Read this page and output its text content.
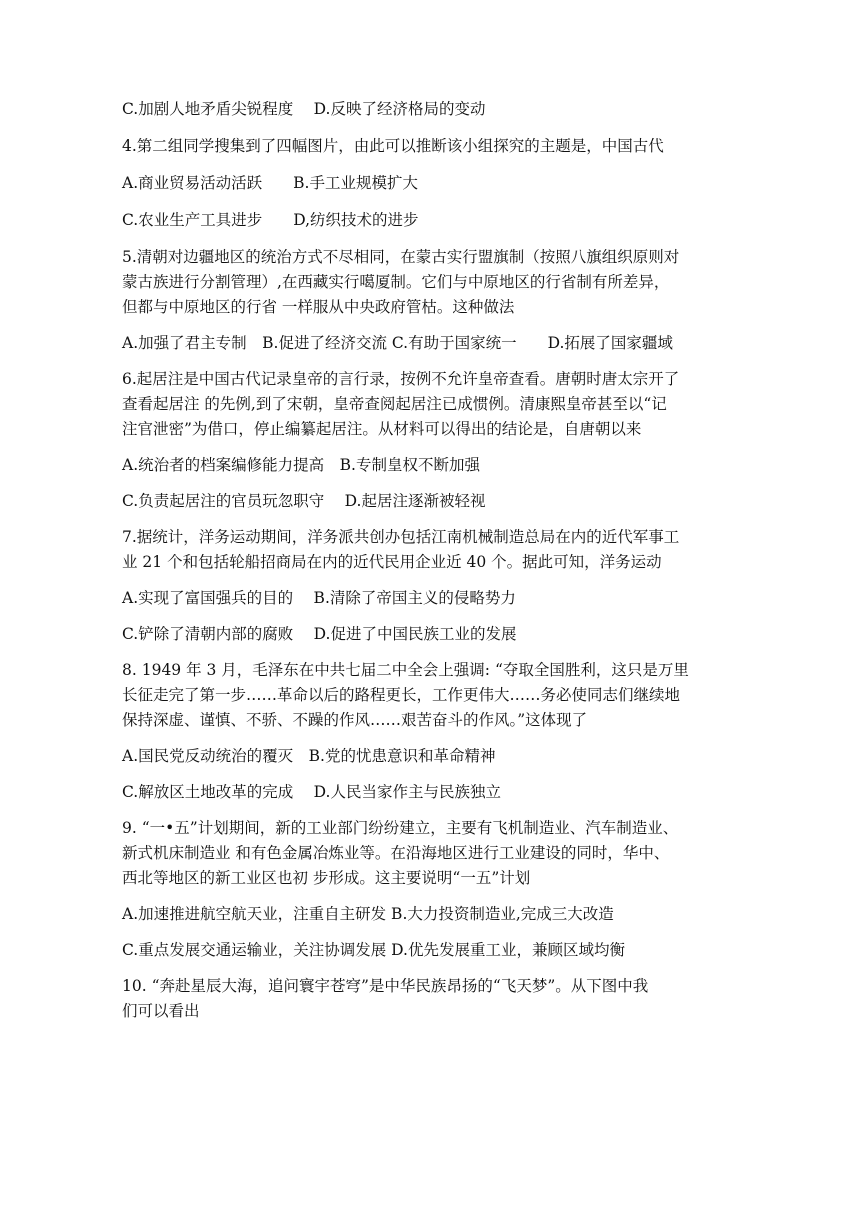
C.加剧人地矛盾尖锐程度　 D.反映了经济格局的变动

4.第二组同学搜集到了四幅图片，由此可以推断该小组探究的主题是，中国古代

A.商业贸易活动活跃　　B.手工业规模扩大

C.农业生产工具进步　　D,纺织技术的进步

5.清朝对边疆地区的统治方式不尽相同，在蒙古实行盟旗制（按照八旗组织原则对

蒙古族进行分割管理）,在西藏实行噶厦制。它们与中原地区的行省制有所差异，

但都与中原地区的行省 一样服从中央政府管枯。这种做法

A.加强了君主专制　B.促进了经济交流 C.有助于国家统一　　D.拓展了国家疆域

6.起居注是中国古代记录皇帝的言行录，按例不允许皇帝查看。唐朝时唐太宗开了

查看起居注 的先例,到了宋朝，皇帝查阅起居注已成惯例。清康熙皇帝甚至以“记

注官泄密”为借口，停止编纂起居注。从材料可以得出的结论是，自唐朝以来

A.统治者的档案编修能力提高　B.专制皇权不断加强

C.负责起居注的官员玩忽职守　 D.起居注逐渐被轻视

7.据统计，洋务运动期间，洋务派共创办包括江南机械制造总局在内的近代军事工

业 21 个和包括轮船招商局在内的近代民用企业近 40 个。据此可知，洋务运动

A.实现了富国强兵的目的　 B.清除了帝国主义的侵略势力

C.铲除了清朝内部的腐败　 D.促进了中国民族工业的发展

8. 1949 年 3 月，毛泽东在中共七届二中全会上强调: “夺取全国胜利，这只是万里

长征走完了第一步……革命以后的路程更长，工作更伟大……务必使同志们继续地

保持深虚、谨慎、不骄、不躁的作风……艰苦奋斗的作风。”这体现了

A.国民党反动统治的覆灭　B.党的忧患意识和革命精神

C.解放区土地改革的完成　 D.人民当家作主与民族独立

9. “一•五”计划期间，新的工业部门纷纷建立，主要有飞机制造业、汽车制造业、

新式机床制造业 和有色金属冶炼业等。在沿海地区进行工业建设的同时，华中、

西北等地区的新工业区也初 步形成。这主要说明“一五”计划

A.加速推进航空航天业，注重自主研发 B.大力投资制造业,完成三大改造

C.重点发展交通运输业，关注协调发展 D.优先发展重工业，兼顾区域均衡

10. “奔赴星辰大海，追问寰宇苍穹”是中华民族昂扬的“飞天梦”。从下图中我

们可以看出
